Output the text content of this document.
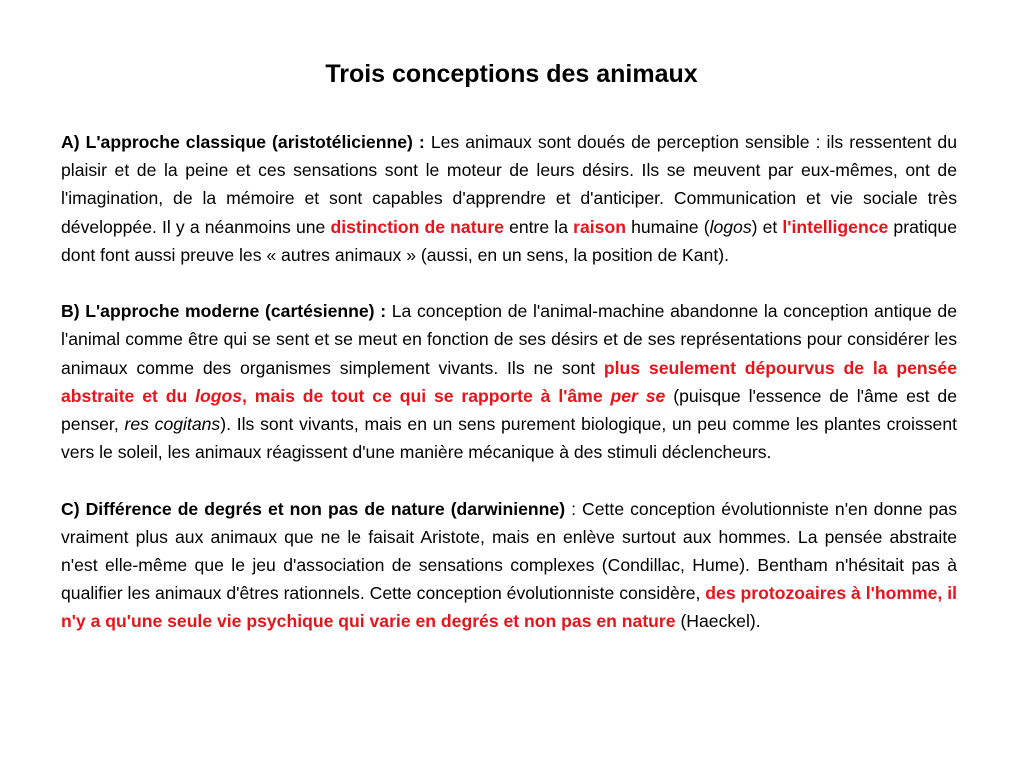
Trois conceptions des animaux

A) L'approche classique (aristotélicienne) : Les animaux sont doués de perception sensible : ils ressentent du plaisir et de la peine et ces sensations sont le moteur de leurs désirs. Ils se meuvent par eux-mêmes, ont de l'imagination, de la mémoire et sont capables d'apprendre et d'anticiper. Communication et vie sociale très développée. Il y a néanmoins une distinction de nature entre la raison humaine (logos) et l'intelligence pratique dont font aussi preuve les « autres animaux » (aussi, en un sens, la position de Kant).

B) L'approche moderne (cartésienne) : La conception de l'animal-machine abandonne la conception antique de l'animal comme être qui se sent et se meut en fonction de ses désirs et de ses représentations pour considérer les animaux comme des organismes simplement vivants. Ils ne sont plus seulement dépourvus de la pensée abstraite et du logos, mais de tout ce qui se rapporte à l'âme per se (puisque l'essence de l'âme est de penser, res cogitans). Ils sont vivants, mais en un sens purement biologique, un peu comme les plantes croissent vers le soleil, les animaux réagissent d'une manière mécanique à des stimuli déclencheurs.

C) Différence de degrés et non pas de nature (darwinienne) : Cette conception évolutionniste n'en donne pas vraiment plus aux animaux que ne le faisait Aristote, mais en enlève surtout aux hommes. La pensée abstraite n'est elle-même que le jeu d'association de sensations complexes (Condillac, Hume). Bentham n'hésitait pas à qualifier les animaux d'êtres rationnels. Cette conception évolutionniste considère, des protozoaires à l'homme, il n'y a qu'une seule vie psychique qui varie en degrés et non pas en nature (Haeckel).
